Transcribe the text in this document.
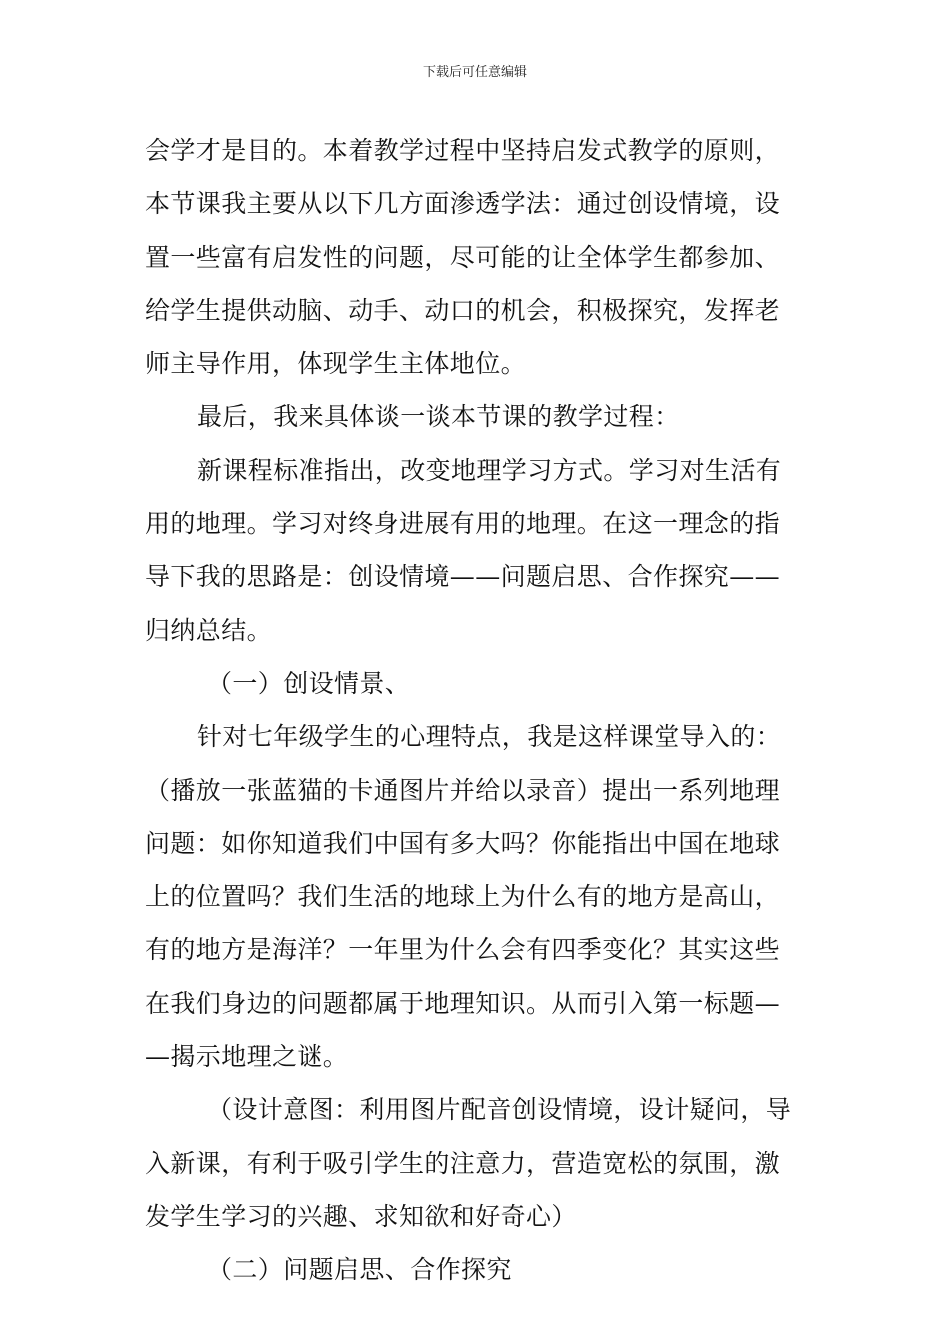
下载后可任意编辑
会学才是目的。本着教学过程中坚持启发式教学的原则，
本节课我主要从以下几方面渗透学法：通过创设情境，设
置一些富有启发性的问题，尽可能的让全体学生都参加、
给学生提供动脑、动手、动口的机会，积极探究，发挥老
师主导作用，体现学生主体地位。
最后，我来具体谈一谈本节课的教学过程：
新课程标准指出，改变地理学习方式。学习对生活有
用的地理。学习对终身进展有用的地理。在这一理念的指
导下我的思路是：创设情境——问题启思、合作探究——
归纳总结。
（一）创设情景、
针对七年级学生的心理特点，我是这样课堂导入的：
（播放一张蓝猫的卡通图片并给以录音）提出一系列地理
问题：如你知道我们中国有多大吗？你能指出中国在地球
上的位置吗？我们生活的地球上为什么有的地方是高山，
有的地方是海洋？一年里为什么会有四季变化？其实这些
在我们身边的问题都属于地理知识。从而引入第一标题—
—揭示地理之谜。
（设计意图：利用图片配音创设情境，设计疑问，导
入新课，有利于吸引学生的注意力，营造宽松的氛围，激
发学生学习的兴趣、求知欲和好奇心）
（二）问题启思、合作探究
